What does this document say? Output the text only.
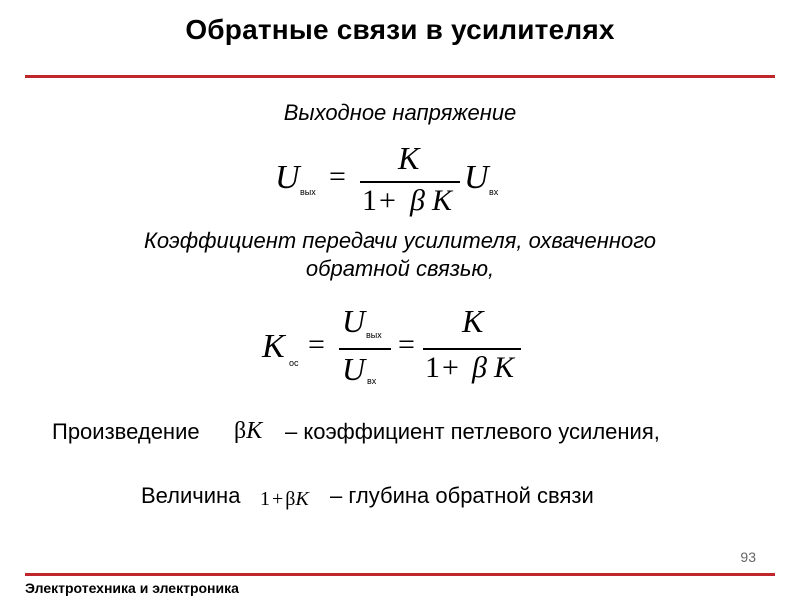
Обратные связи в усилителях
Выходное напряжение
U вых =
K
1 + β K
U вх
Коэффициент передачи усилителя, охваченного
обратной связью,
K ос
=
U вых
U вх
=
K
1 + β K
Произведение βK – коэффициент петлевого усиления,
Величина 1 + βK – глубина обратной связи
93
Электротехника и электроника
